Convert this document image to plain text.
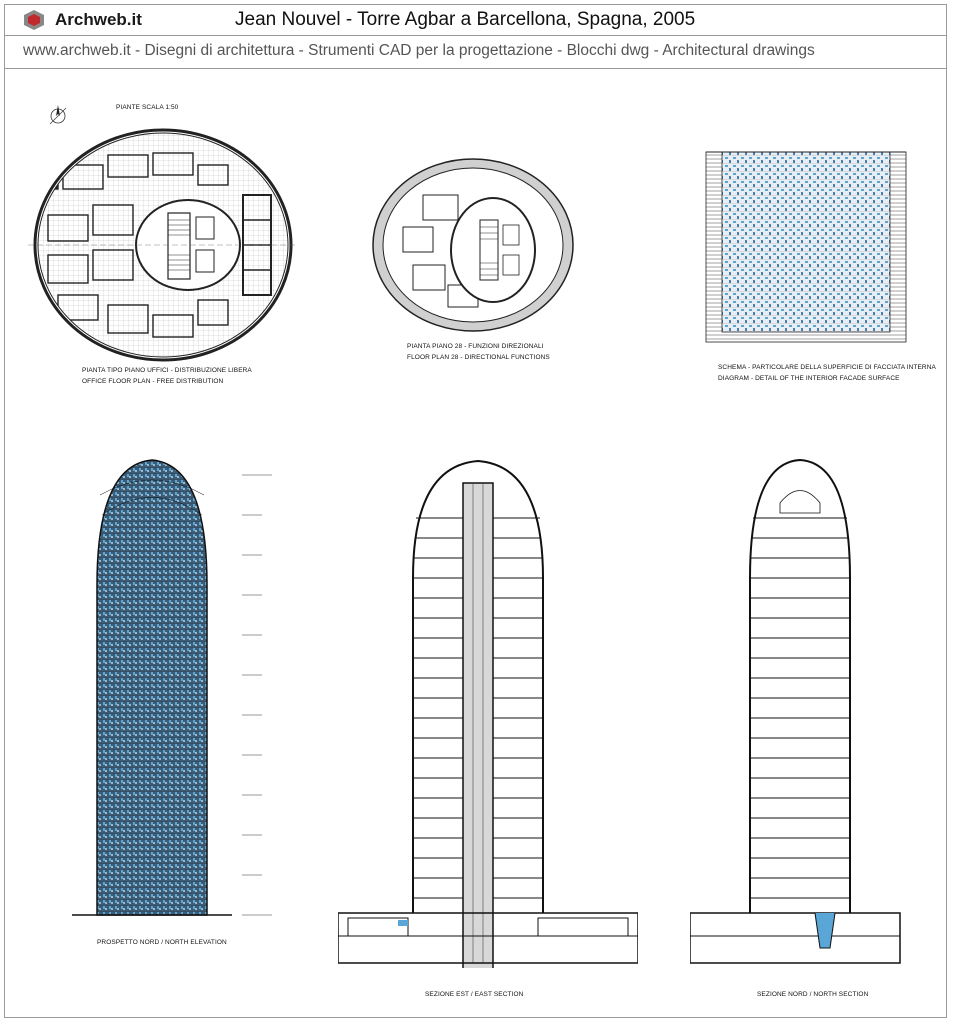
Archweb.it	Jean Nouvel - Torre Agbar a Barcellona, Spagna, 2005
www.archweb.it - Disegni di architettura - Strumenti CAD per la progettazione - Blocchi dwg - Architectural drawings
PIANTE SCALA 1:50
PIANTA TIPO PIANO UFFICI - DISTRIBUZIONE LIBERA
OFFICE FLOOR PLAN - FREE DISTRIBUTION
PIANTA PIANO 28 - FUNZIONI DIREZIONALI
FLOOR PLAN 28 - DIRECTIONAL FUNCTIONS
SCHEMA - PARTICOLARE DELLA SUPERFICIE DI FACCIATA INTERNA
DIAGRAM - DETAIL OF THE INTERIOR FACADE SURFACE
PROSPETTO NORD / NORTH ELEVATION
SEZIONE EST / EAST SECTION	SEZIONE NORD / NORTH SECTION
